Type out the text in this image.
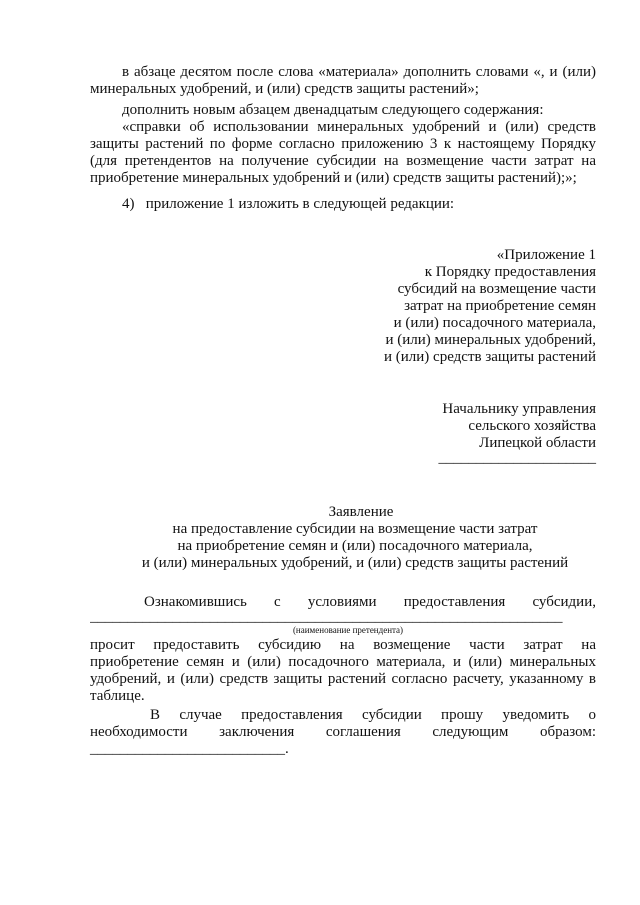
в абзаце десятом после слова «материала» дополнить словами «, и (или)
минеральных удобрений, и (или) средств защиты растений»;
дополнить новым абзацем двенадцатым следующего содержания:
«справки об использовании минеральных удобрений и (или) средств
защиты растений по форме согласно приложению 3 к настоящему Порядку
(для претендентов на получение субсидии на возмещение части затрат на
приобретение минеральных удобрений и (или) средств защиты растений);»;
4) приложение 1 изложить в следующей редакции:
«Приложение 1
к Порядку предоставления
субсидий на возмещение части
затрат на приобретение семян
и (или) посадочного материала,
и (или) минеральных удобрений,
и (или) средств защиты растений
Начальнику управления
сельского хозяйства
Липецкой области
_____________________
Заявление
на предоставление субсидии на возмещение части затрат
на приобретение семян и (или) посадочного материала,
и (или) минеральных удобрений, и (или) средств защиты растений
Ознакомившись с условиями предоставления субсидии,
_______________________________________________________________
(наименование претендента)
просит предоставить субсидию на возмещение части затрат на
приобретение семян и (или) посадочного материала, и (или) минеральных
удобрений, и (или) средств защиты растений согласно расчету, указанному в
таблице.
В случае предоставления субсидии прошу уведомить о
необходимости заключения соглашения следующим образом:
__________________________.
